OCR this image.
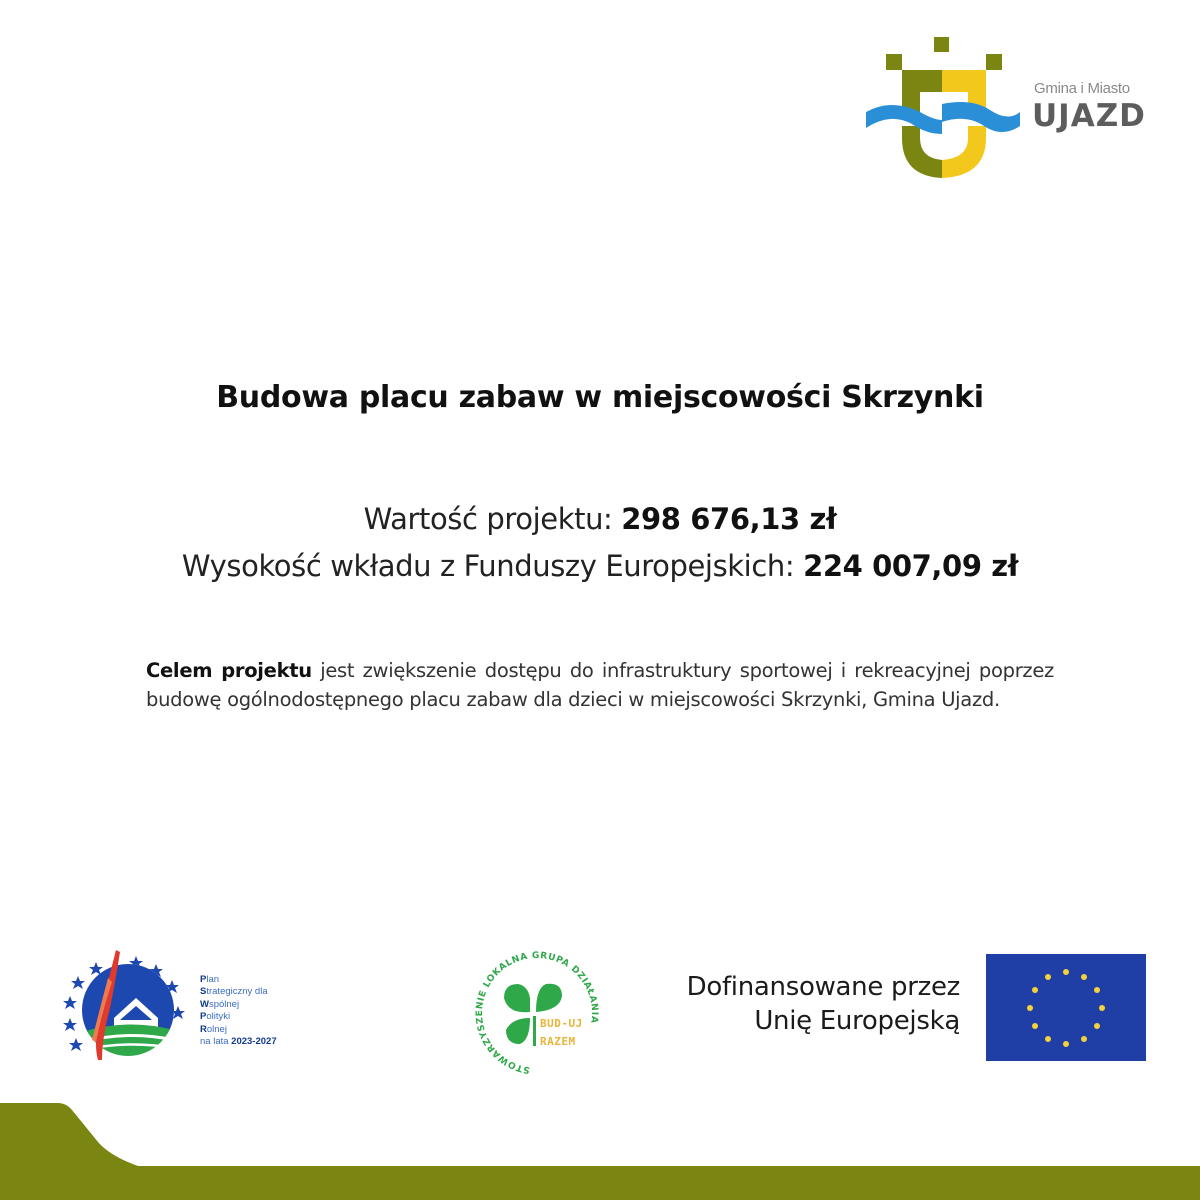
Gmina i Miasto
UJAZD
Budowa placu zabaw w miejscowości Skrzynki
Wartość projektu: 298 676,13 zł
Wysokość wkładu z Funduszy Europejskich: 224 007,09 zł

Celem projektu jest zwiększenie dostępu do infrastruktury sportowej i rekreacyjnej poprzez budowę ogólnodostępnego placu zabaw dla dzieci w miejscowości Skrzynki, Gmina Ujazd.

Plan
Strategiczny dla
Wspólnej
Polityki
Rolnej
na lata 2023-2027
STOWARZYSZENIE LOKALNA GRUPA DZIAŁANIA
BUD-UJ
RAZEM
Dofinansowane przez
Unię Europejską
